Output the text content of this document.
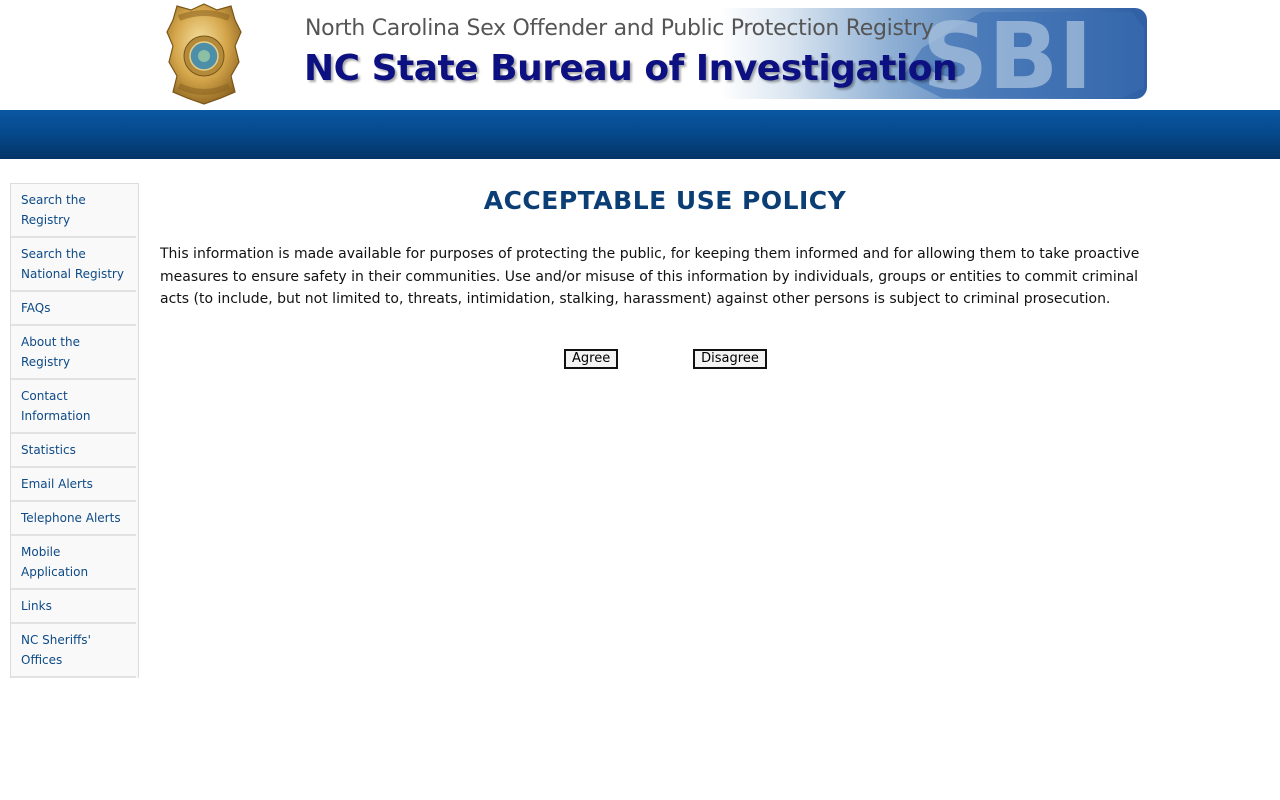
SBI
North Carolina Sex Offender and Public Protection Registry
NC State Bureau of Investigation
Search the Registry
Search the National Registry
FAQs
About the Registry
Contact Information
Statistics
Email Alerts
Telephone Alerts
Mobile Application
Links
NC Sheriffs' Offices
ACCEPTABLE USE POLICY

This information is made available for purposes of protecting the public, for keeping them informed and for allowing them to take proactive measures to ensure safety in their communities. Use and/or misuse of this information by individuals, groups or entities to commit criminal acts (to include, but not limited to, threats, intimidation, stalking, harassment) against other persons is subject to criminal prosecution.

Agree	Disagree
